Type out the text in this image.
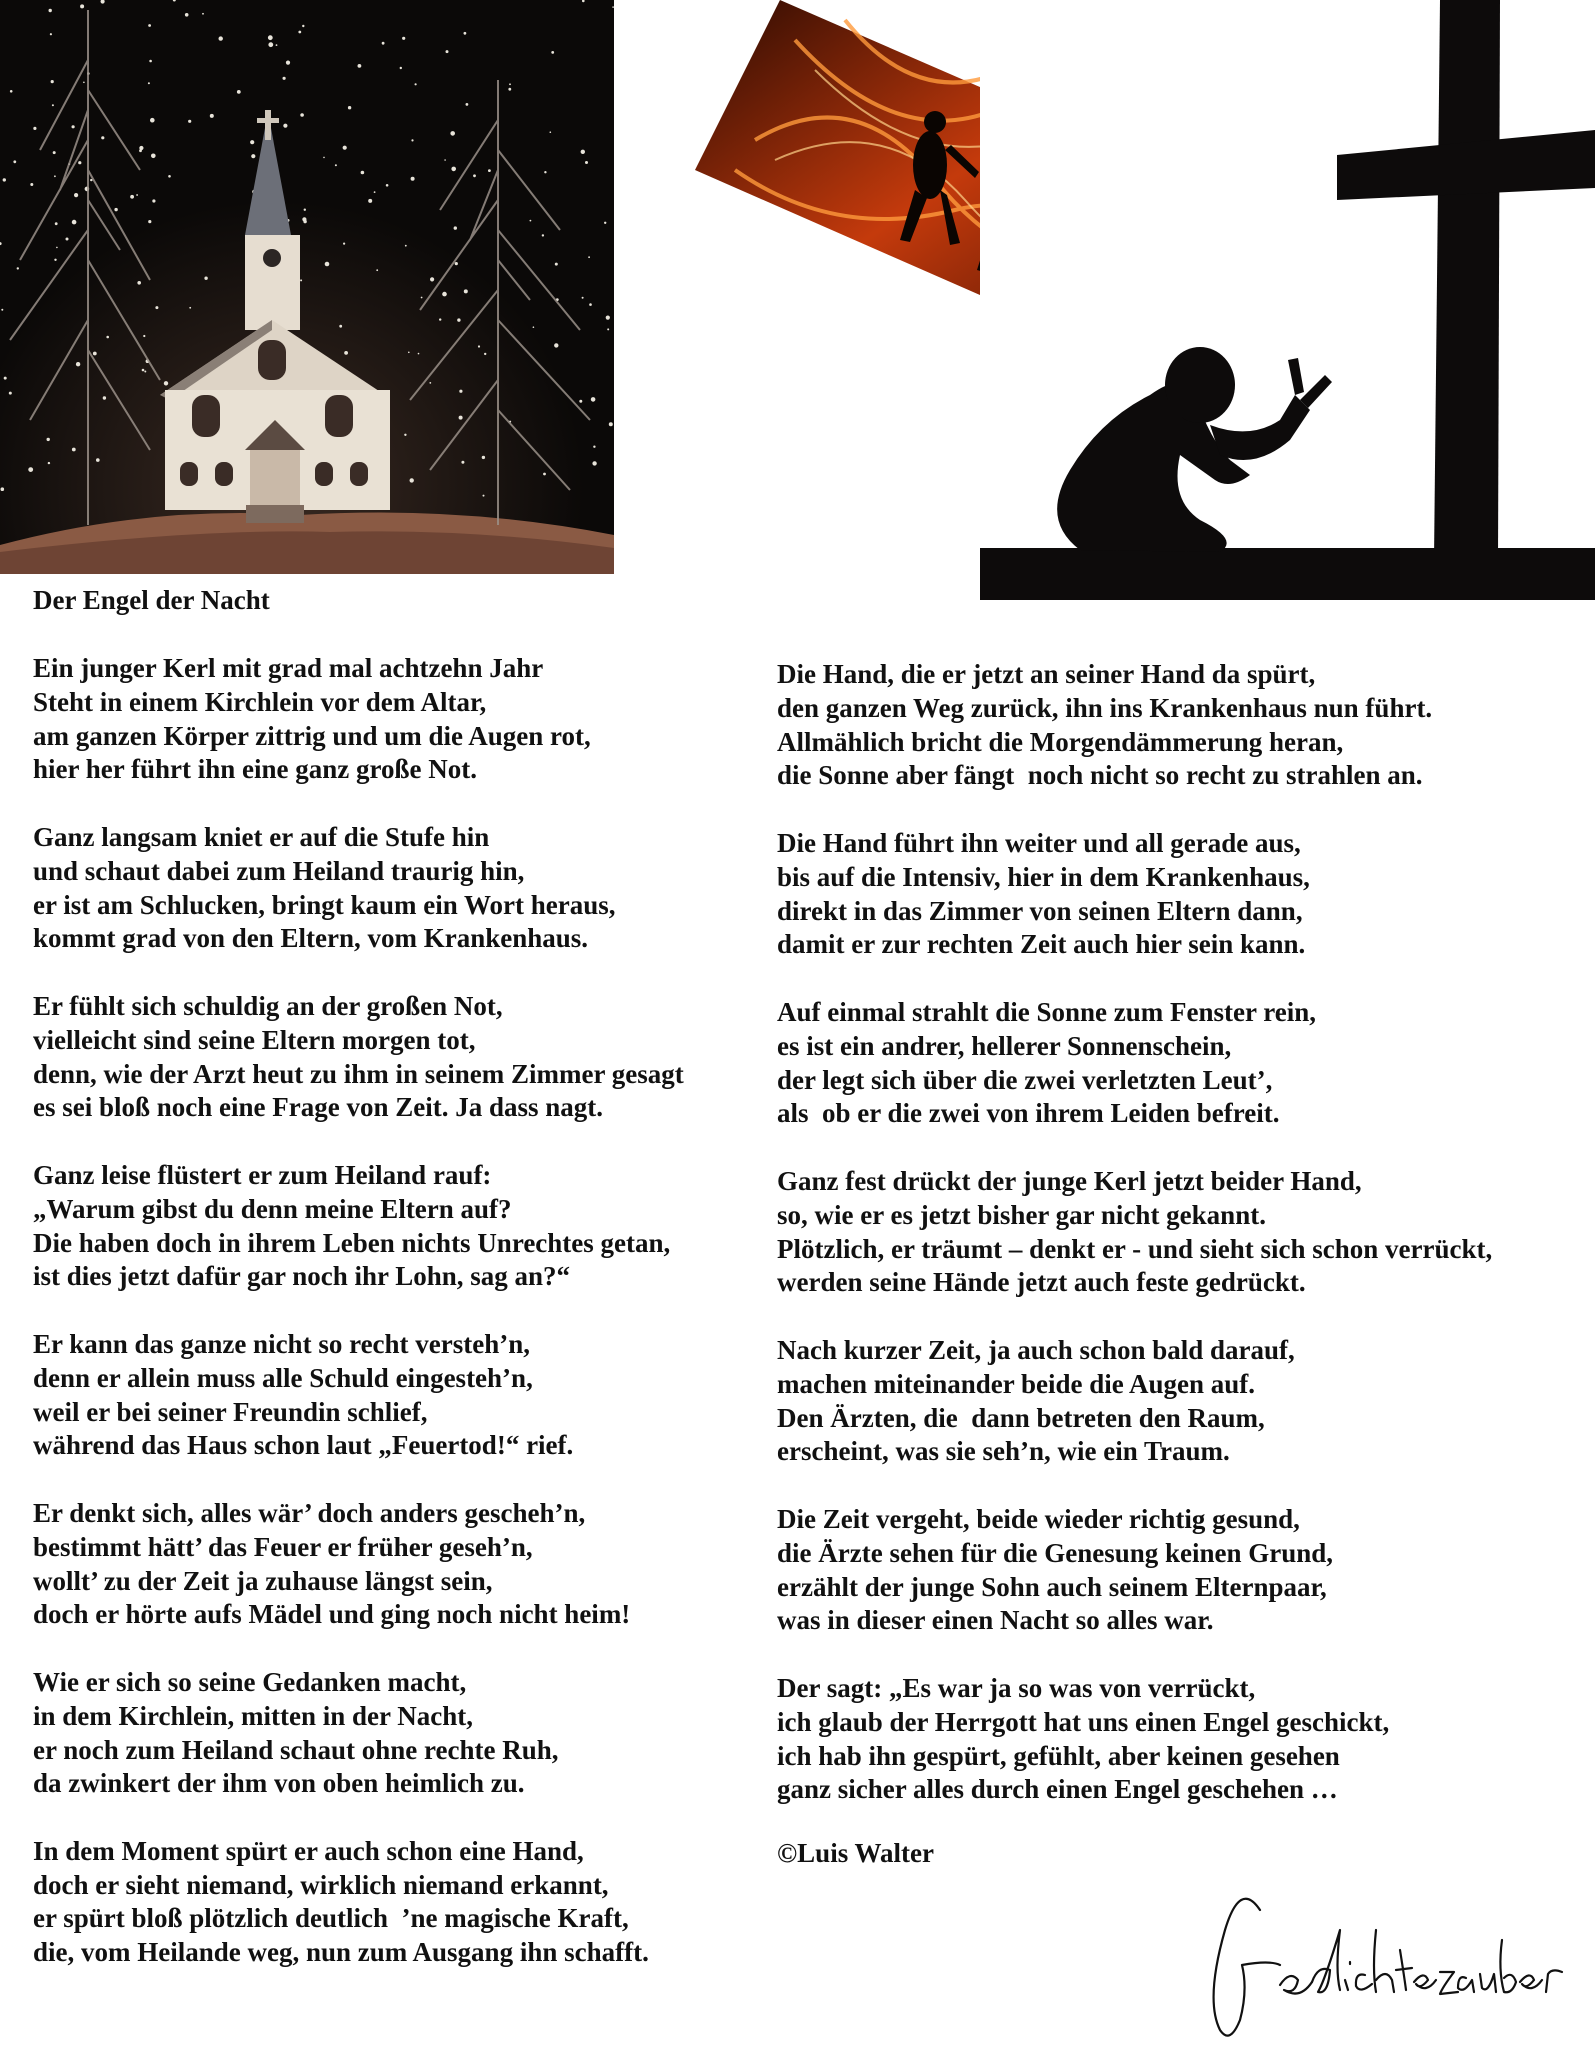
Der Engel der Nacht
Ein junger Kerl mit grad mal achtzehn Jahr
Steht in einem Kirchlein vor dem Altar,
am ganzen Körper zittrig und um die Augen rot,
hier her führt ihn eine ganz große Not.
Ganz langsam kniet er auf die Stufe hin
und schaut dabei zum Heiland traurig hin,
er ist am Schlucken, bringt kaum ein Wort heraus,
kommt grad von den Eltern, vom Krankenhaus.
Er fühlt sich schuldig an der großen Not,
vielleicht sind seine Eltern morgen tot,
denn, wie der Arzt heut zu ihm in seinem Zimmer gesagt
es sei bloß noch eine Frage von Zeit. Ja dass nagt.
Ganz leise flüstert er zum Heiland rauf:
„Warum gibst du denn meine Eltern auf?
Die haben doch in ihrem Leben nichts Unrechtes getan,
ist dies jetzt dafür gar noch ihr Lohn, sag an?“
Er kann das ganze nicht so recht versteh’n,
denn er allein muss alle Schuld eingesteh’n,
weil er bei seiner Freundin schlief,
während das Haus schon laut „Feuertod!“ rief.
Er denkt sich, alles wär’ doch anders gescheh’n,
bestimmt hätt’ das Feuer er früher geseh’n,
wollt’ zu der Zeit ja zuhause längst sein,
doch er hörte aufs Mädel und ging noch nicht heim!
Wie er sich so seine Gedanken macht,
in dem Kirchlein, mitten in der Nacht,
er noch zum Heiland schaut ohne rechte Ruh,
da zwinkert der ihm von oben heimlich zu.
In dem Moment spürt er auch schon eine Hand,
doch er sieht niemand, wirklich niemand erkannt,
er spürt bloß plötzlich deutlich  ’ne magische Kraft,
die, vom Heilande weg, nun zum Ausgang ihn schafft.
Die Hand, die er jetzt an seiner Hand da spürt,
den ganzen Weg zurück, ihn ins Krankenhaus nun führt.
Allmählich bricht die Morgendämmerung heran,
die Sonne aber fängt  noch nicht so recht zu strahlen an.
Die Hand führt ihn weiter und all gerade aus,
bis auf die Intensiv, hier in dem Krankenhaus,
direkt in das Zimmer von seinen Eltern dann,
damit er zur rechten Zeit auch hier sein kann.
Auf einmal strahlt die Sonne zum Fenster rein,
es ist ein andrer, hellerer Sonnenschein,
der legt sich über die zwei verletzten Leut’,
als  ob er die zwei von ihrem Leiden befreit.
Ganz fest drückt der junge Kerl jetzt beider Hand,
so, wie er es jetzt bisher gar nicht gekannt.
Plötzlich, er träumt – denkt er - und sieht sich schon verrückt,
werden seine Hände jetzt auch feste gedrückt.
Nach kurzer Zeit, ja auch schon bald darauf,
machen miteinander beide die Augen auf.
Den Ärzten, die  dann betreten den Raum,
erscheint, was sie seh’n, wie ein Traum.
Die Zeit vergeht, beide wieder richtig gesund,
die Ärzte sehen für die Genesung keinen Grund,
erzählt der junge Sohn auch seinem Elternpaar,
was in dieser einen Nacht so alles war.
Der sagt: „Es war ja so was von verrückt,
ich glaub der Herrgott hat uns einen Engel geschickt,
ich hab ihn gespürt, gefühlt, aber keinen gesehen
ganz sicher alles durch einen Engel geschehen …
©Luis Walter
